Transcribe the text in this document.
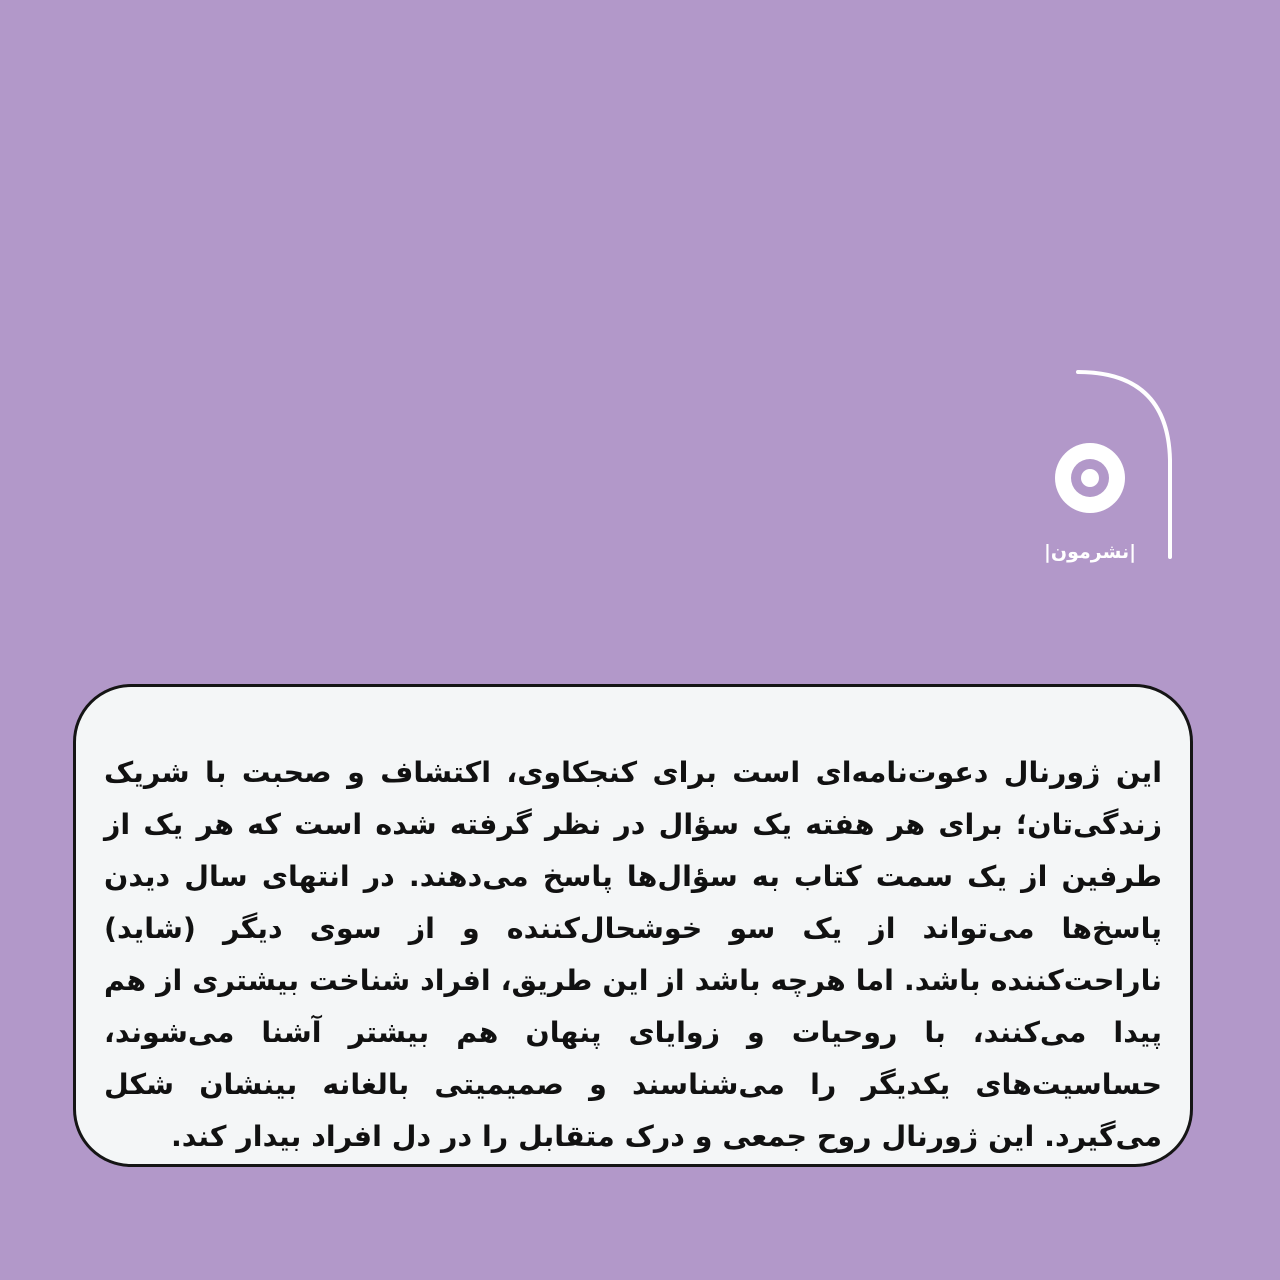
|نشرمون|

این ژورنال دعوت‌نامه‌ای است برای کنجکاوی، اکتشاف و صحبت با شریک زندگی‌تان؛ برای هر هفته یک سؤال در نظر گرفته شده است که هر یک از طرفین از یک سمت کتاب به سؤال‌ها پاسخ می‌دهند. در انتهای سال دیدن پاسخ‌ها می‌تواند از یک سو خوشحال‌کننده و از سوی دیگر (شاید) ناراحت‌کننده باشد. اما هرچه باشد از این طریق، افراد شناخت بیشتری از هم پیدا می‌کنند، با روحیات و زوایای پنهان هم بیشتر آشنا می‌شوند، حساسیت‌های یکدیگر را می‌شناسند و صمیمیتی بالغانه بینشان شکل می‌گیرد. این ژورنال روح جمعی و درک متقابل را در دل افراد بیدار کند.
